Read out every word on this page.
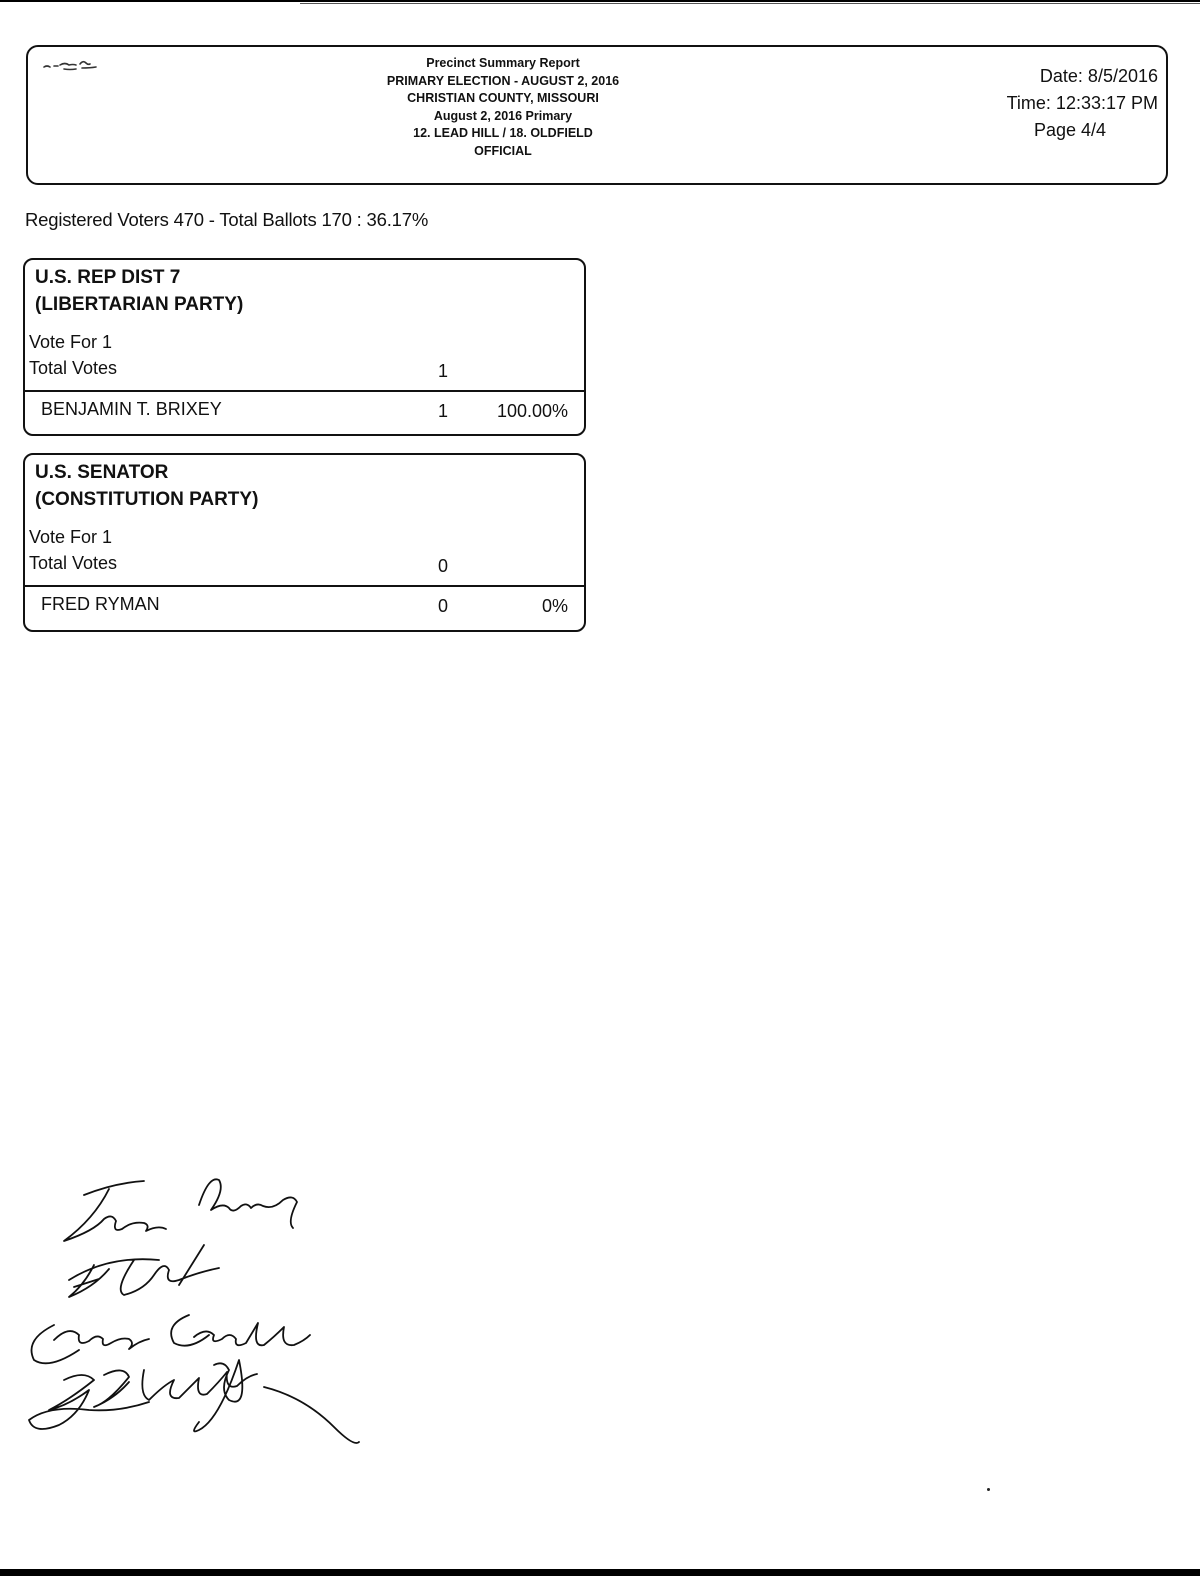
Precinct Summary Report
PRIMARY ELECTION - AUGUST 2, 2016
CHRISTIAN COUNTY, MISSOURI
August 2, 2016 Primary
12. LEAD HILL / 18. OLDFIELD
OFFICIAL
Date: 8/5/2016
Time: 12:33:17 PM
Page 4/4
Registered Voters 470 - Total Ballots 170 : 36.17%
U.S. REP DIST 7
(LIBERTARIAN PARTY)
Vote For 1
Total Votes	1
BENJAMIN T. BRIXEY	1	100.00%
U.S. SENATOR
(CONSTITUTION PARTY)
Vote For 1
Total Votes	0
FRED RYMAN	0	0%
